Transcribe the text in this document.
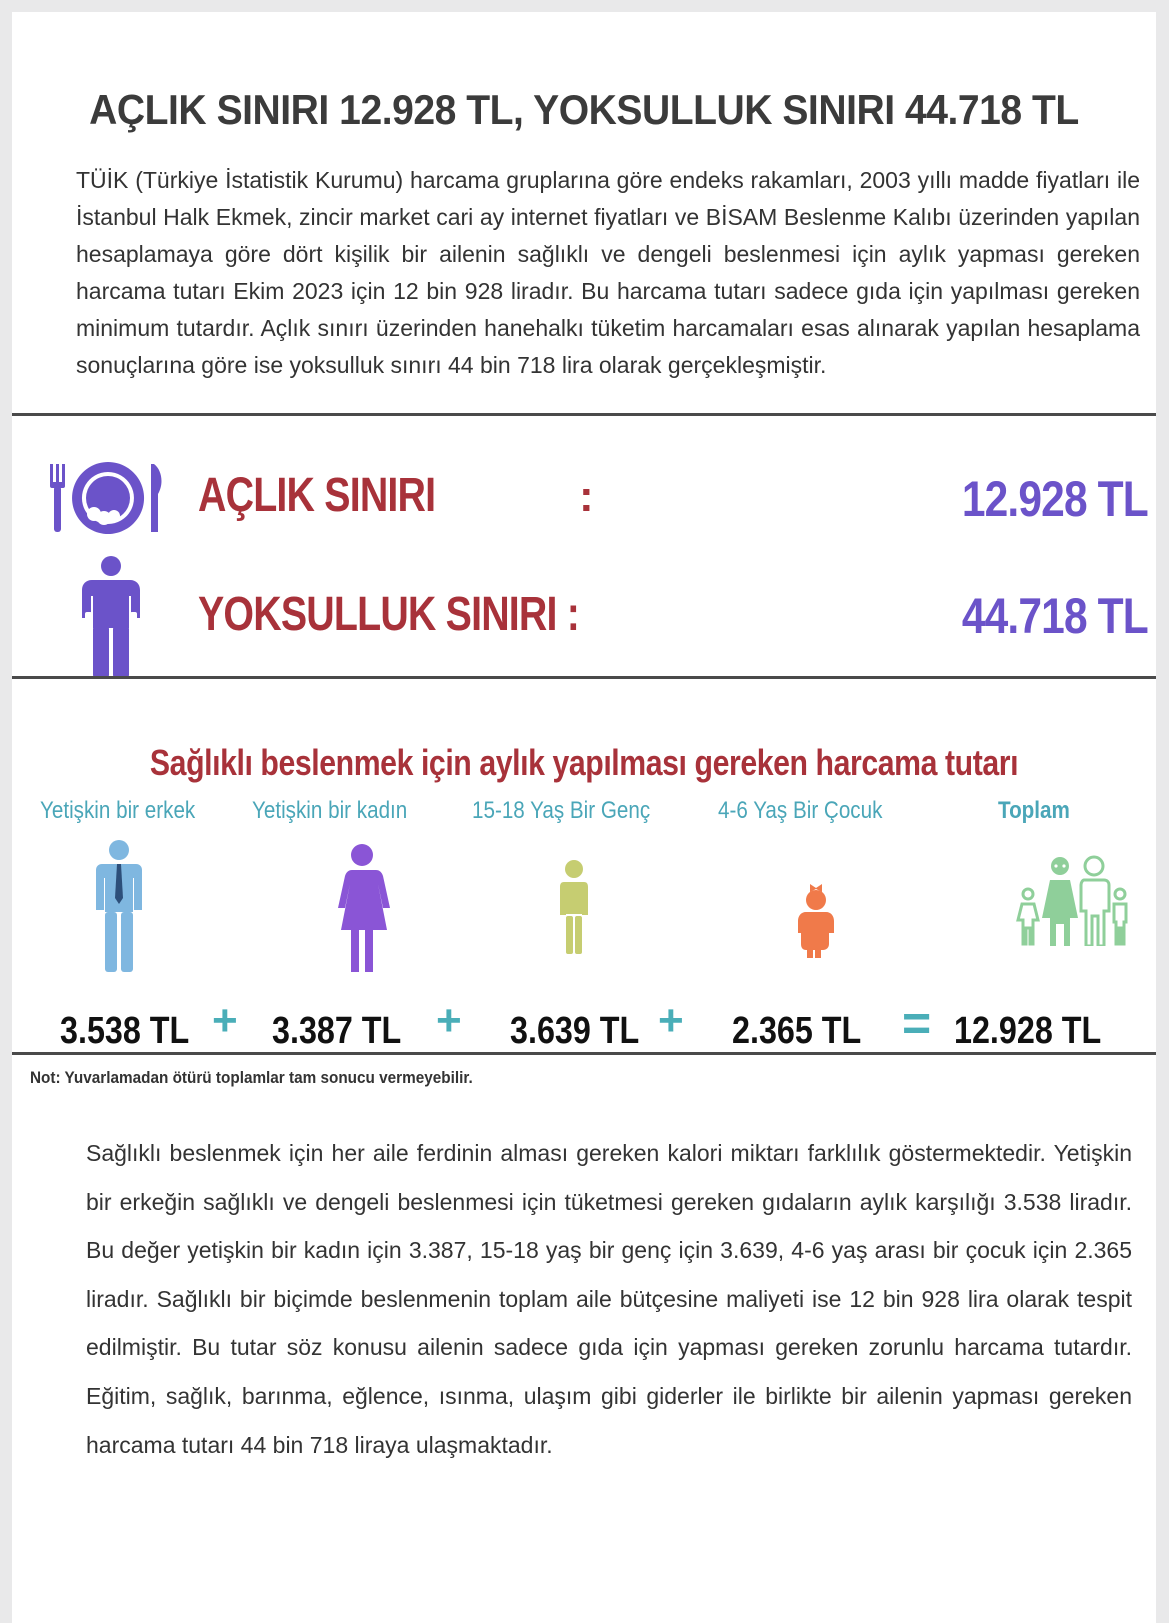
AÇLIK SINIRI 12.928 TL, YOKSULLUK SINIRI 44.718 TL
TÜİK (Türkiye İstatistik Kurumu) harcama gruplarına göre endeks rakamları, 2003 yıllı madde fiyatları ile İstanbul Halk Ekmek, zincir market cari ay internet fiyatları ve BİSAM Beslenme Kalıbı üzerinden yapılan hesaplamaya göre dört kişilik bir ailenin sağlıklı ve dengeli beslenmesi için aylık yapması gereken harcama tutarı Ekim 2023 için 12 bin 928 liradır. Bu harcama tutarı sadece gıda için yapılması gereken minimum tutardır. Açlık sınırı üzerinden hanehalkı tüketim harcamaları esas alınarak yapılan hesaplama sonuçlarına göre ise yoksulluk sınırı 44 bin 718 lira olarak gerçekleşmiştir.
AÇLIK SINIRI	:	12.928 TL
YOKSULLUK SINIRI :	44.718 TL
Sağlıklı beslenmek için aylık yapılması gereken harcama tutarı
Yetişkin bir erkek Yetişkin bir kadın	15-18 Yaş Bir Genç	4-6 Yaş Bir Çocuk	Toplam
3.538 TL + 3.387 TL + 3.639 TL + 2.365 TL = 12.928 TL
Not: Yuvarlamadan ötürü toplamlar tam sonucu vermeyebilir.
Sağlıklı beslenmek için her aile ferdinin alması gereken kalori miktarı farklılık göstermektedir. Yetişkin bir erkeğin sağlıklı ve dengeli beslenmesi için tüketmesi gereken gıdaların aylık karşılığı 3.538 liradır. Bu değer yetişkin bir kadın için 3.387, 15-18 yaş bir genç için 3.639, 4-6 yaş arası bir çocuk için 2.365 liradır. Sağlıklı bir biçimde beslenmenin toplam aile bütçesine maliyeti ise 12 bin 928 lira olarak tespit edilmiştir. Bu tutar söz konusu ailenin sadece gıda için yapması gereken zorunlu harcama tutardır. Eğitim, sağlık, barınma, eğlence, ısınma, ulaşım gibi giderler ile birlikte bir ailenin yapması gereken harcama tutarı 44 bin 718 liraya ulaşmaktadır.
